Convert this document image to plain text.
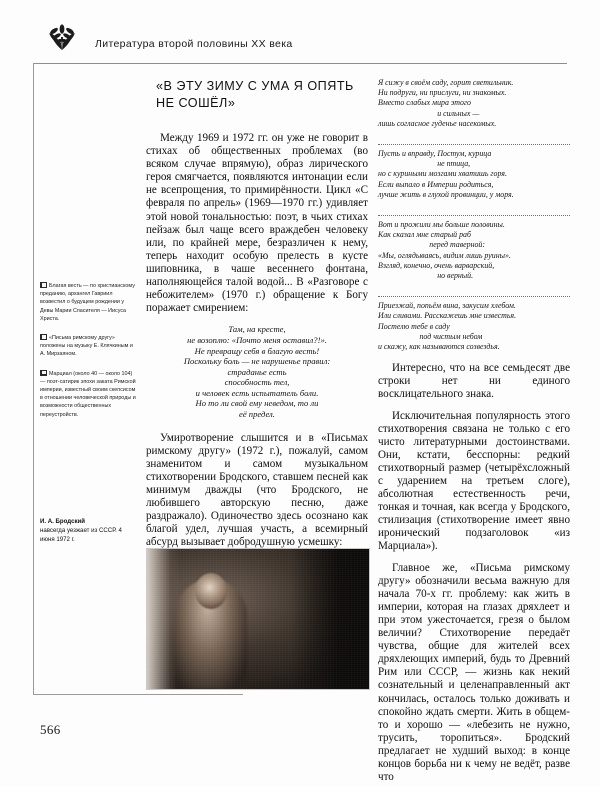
Литература второй половины XX века
Благая весть — по христианскому преданию, архангел Гавриил возвестил о будущем рождении у Девы Марии Спасителя — Иисуса Христа.
«Письма римскому другу» положены на музыку Е. Клячкиным и А. Мирзаяном.
Марциал (около 40 — около 104) — поэт-сатирик эпохи заката Римской империи, известный своим скепсисом в отношении человеческой природы и возможности общественных переустройств.
И. А. Бродский
навсегда уезжает из СССР. 4 июня 1972 г.
«В ЭТУ ЗИМУ С УМА Я ОПЯТЬ НЕ СОШЁЛ»

Между 1969 и 1972 гг. он уже не говорит в стихах об общественных проблемах (во всяком случае впрямую), образ лирического героя смягчается, появляются интонации если не всепрощения, то примирённости. Цикл «С февраля по апрель» (1969—1970 гг.) удивляет этой новой тональностью: поэт, в чьих стихах пейзаж был чаще всего враждебен человеку или, по крайней мере, безразличен к нему, теперь находит особую прелесть в кусте шиповника, в чаше весеннего фонтана, наполняющейся талой водой... В «Разговоре с небожителем» (1970 г.) обращение к Богу поражает смирением:

Там, на кресте,
не возоплю: «Почто меня оставил?!».
Не превращу себя в благую весть!
Поскольку боль — не нарушенье правил:
страданье есть
способность тел,
и человек есть испытатель боли.
Но то ли свой ему неведом, то ли
её предел.

Умиротворение слышится и в «Письмах римскому другу» (1972 г.), пожалуй, самом знаменитом и самом музыкальном стихотворении Бродского, ставшем песней как минимум дважды (что Бродского, не любившего авторскую песню, даже раздражало). Одиночество здесь осознано как благой удел, лучшая участь, а всемирный абсурд вызывает добродушную усмешку:

566
Я сижу в своём саду, горит светильник.
Ни подруги, ни прислуги, ни знакомых.
Вместо слабых мира этого
и сильных —
лишь согласное гуденье насекомых.
Пусть и вправду, Постум, курица
не птица,
но с куриными мозгами хватишь горя.
Если выпало в Империи родиться,
лучше жить в глухой провинции, у моря.
Вот и прожили мы больше половины.
Как сказал мне старый раб
перед таверной:
«Мы, оглядываясь, видим лишь руины».
Взгляд, конечно, очень варварский,
но верный.
Приезжай, попьём вина, закусим хлебом.
Или сливами. Расскажешь мне известья.
Постелю тебе в саду
под чистым небом
и скажу, как называются созвездья.

Интересно, что на все семьдесят две строки нет ни единого восклицательного знака.

Исключительная популярность этого стихотворения связана не только с его чисто литературными достоинствами. Они, кстати, бесспорны: редкий стихотворный размер (четырёхсложный с ударением на третьем слоге), абсолютная естественность речи, тонкая и точная, как всегда у Бродского, стилизация (стихотворение имеет явно иронический подзаголовок «из Марциала»).

Главное же, «Письма римскому другу» обозначили весьма важную для начала 70-х гг. проблему: как жить в империи, которая на глазах дряхлеет и при этом ужесточается, грезя о былом величии? Стихотворение передаёт чувства, общие для жителей всех дряхлеющих империй, будь то Древний Рим или СССР, — жизнь как некий сознательный и целенаправленный акт кончилась, осталось только доживать и спокойно ждать смерти. Жить в общем-то и хорошо — «лебезить не нужно, трусить, торопиться». Бродский предлагает не худший выход: в конце концов борьба ни к чему не ведёт, разве что
